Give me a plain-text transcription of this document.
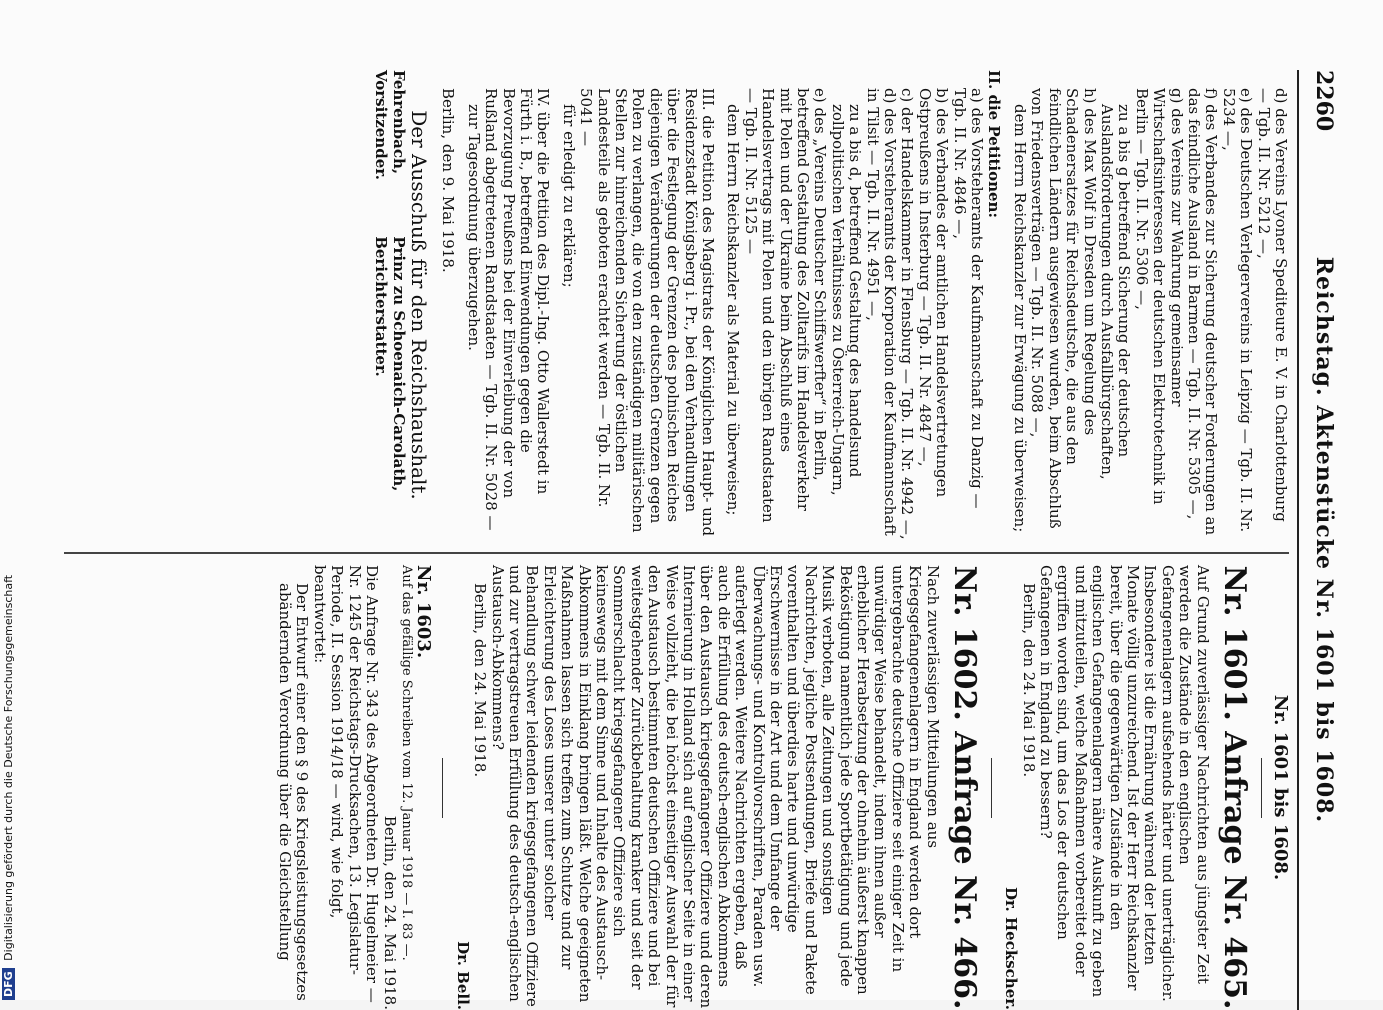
2260
Reichstag. Aktenstücke Nr. 1601 bis 1608.

d) des Vereins Lyoner Spediteure E. V. in Charlottenburg — Tgb. II. Nr. 5212 —,

e) des Deutschen Verlegervereins in Leipzig — Tgb. II. Nr. 5234 —,

f) des Verbandes zur Sicherung deutscher Forderungen an das feindliche Ausland in Barmen — Tgb. II. Nr. 5305 —,

g) des Vereins zur Wahrung gemeinsamer Wirtschaftsinteressen der deutschen Elektrotechnik in Berlin — Tgb. II. Nr. 5306 —,

zu a bis g betreffend Sicherung der deutschen Auslandsforderungen durch Ausfallbürgschaften,

h) des Max Wolf in Dresden um Regelung des Schadenersatzes für Reichsdeutsche, die aus den feindlichen Ländern ausgewiesen wurden, beim Abschluß von Friedensverträgen — Tgb. II. Nr. 5088 —,

dem Herrn Reichskanzler zur Erwägung zu überweisen;

II. die Petitionen:

a) des Vorsteheramts der Kaufmannschaft zu Danzig — Tgb. II. Nr. 4846 —,

b) des Verbandes der amtlichen Handelsvertretungen Ostpreußens in Insterburg — Tgb. II. Nr. 4847 —,

c) der Handelskammer in Flensburg — Tgb. II. Nr. 4942 —,

d) des Vorsteheramts der Korporation der Kaufmannschaft in Tilsit — Tgb. II. Nr. 4951 —,

zu a bis d, betreffend Gestaltung des handelsund zollpolitischen Verhältnisses zu Österreich-Ungarn,

e) des „Vereins Deutscher Schiffswerfter“ in Berlin, betreffend Gestaltung des Zolltarifs im Handelsverkehr mit Polen und der Ukraine beim Abschluß eines Handelsvertrags mit Polen und den übrigen Randstaaten — Tgb. II. Nr. 5125 —

dem Herrn Reichskanzler als Material zu überweisen;

III. die Petition des Magistrats der Königlichen Haupt- und Residenzstadt Königsberg i. Pr., bei den Verhandlungen über die Festlegung der Grenzen des polnischen Reiches diejenigen Veränderungen der deutschen Grenzen gegen Polen zu verlangen, die von den zuständigen militärischen Stellen zur hinreichenden Sicherung der östlichen Landesteile als geboten erachtet werden — Tgb. II. Nr. 5041 —

für erledigt zu erklären;

IV. über die Petition des Dipl.-Ing. Otto Wallerstedt in Fürth i. B., betreffend Einwendungen gegen die Bevorzugung Preußens bei der Einverleibung der von Rußland abgetretenen Randstaaten — Tgb. II. Nr. 5028 —

zur Tagesordnung überzugehen.

Berlin, den 9. Mai 1918.

Der Ausschuß für den Reichshaushalt.

Fehrenbach, Vorsitzender.
Prinz zu Schoenaich-Carolath, Berichterstatter.
Nr. 1601 bis 1608.
Nr. 1601. Anfrage Nr. 465.

Auf Grund zuverlässiger Nachrichten aus jüngster Zeit werden die Zustände in den englischen Gefangenenlagern aufsehends härter und unerträglicher. Insbesondere ist die Ernährung während der letzten Monate völlig unzureichend. Ist der Herr Reichskanzler bereit, über die gegenwärtigen Zustände in den englischen Gefangenenlagern nähere Auskunft zu geben und mitzuteilen, welche Maßnahmen vorbereitet oder ergriffen worden sind, um das Los der deutschen Gefangenen in England zu bessern?

Berlin, den 24. Mai 1918.

Dr. Heckscher.

Nr. 1602. Anfrage Nr. 466.

Nach zuverlässigen Mitteilungen aus Kriegsgefangenenlagern in England werden dort untergebrachte deutsche Offiziere seit einiger Zeit in unwürdiger Weise behandelt, indem ihnen außer erheblicher Herabsetzung der ohnehin äußerst knappen Beköstigung namentlich jede Sportbetätigung und jede Musik verboten, alle Zeitungen und sonstigen Nachrichten, jegliche Postsendungen, Briefe und Pakete vorenthalten und überdies harte und unwürdige Erschwernisse in der Art und dem Umfange der Überwachungs- und Kontrollvorschriften, Paraden usw. auferlegt werden. Weitere Nachrichten ergeben, daß auch die Erfüllung des deutsch-englischen Abkommens über den Austausch kriegsgefangener Offiziere und deren Internierung in Holland sich auf englischer Seite in einer Weise vollzieht, die bei höchst einseitiger Auswahl der für den Austausch bestimmten deutschen Offiziere und bei weitestgehender Zurückbehaltung kranker und seit der Sommerschlacht kriegsgefangener Offiziere sich keineswegs mit dem Sinne und Inhalte des Austausch-Abkommens in Einklang bringen läßt. Welche geeigneten Maßnahmen lassen sich treffen zum Schutze und zur Erleichterung des Loses unserer unter solcher Behandlung schwer leidenden kriegsgefangenen Offiziere und zur vertragstreuen Erfüllung des deutsch-englischen Austausch-Abkommens?

Berlin, den 24. Mai 1918.

Dr. Bell.

Nr. 1603.

Auf das gefällige Schreiben vom 12. Januar 1918 — I. 83 —.

Berlin, den 24. Mai 1918.

Die Anfrage Nr. 343 des Abgeordneten Dr. Hugelmeier — Nr. 1245 der Reichstags-Drucksachen, 13. Legislatur-Periode, II. Session 1914/18 — wird, wie folgt, beantwortet:

Der Entwurf einer den § 9 des Kriegsleistungsgesetzes abändernden Verordnung über die Gleichstellung

DFG Digitalisierung gefördert durch die Deutsche Forschungsgemeinschaft
